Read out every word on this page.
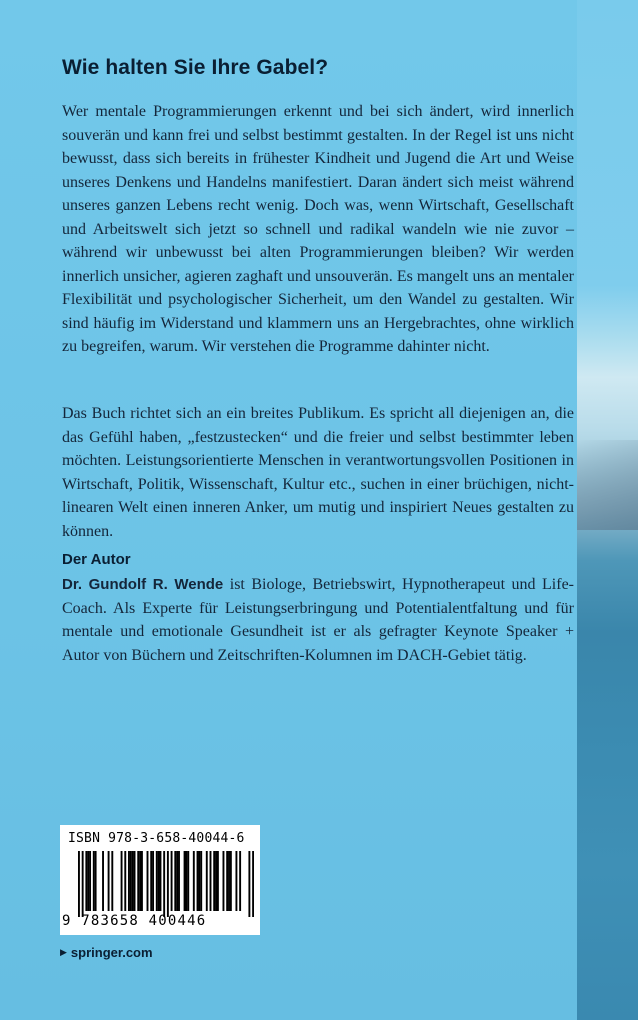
Wie halten Sie Ihre Gabel?

Wer mentale Programmierungen erkennt und bei sich ändert, wird innerlich souverän und kann frei und selbst bestimmt gestalten. In der Regel ist uns nicht bewusst, dass sich bereits in frühester Kindheit und Jugend die Art und Weise unseres Denkens und Handelns manifestiert. Daran ändert sich meist während unseres ganzen Lebens recht wenig. Doch was, wenn Wirtschaft, Gesellschaft und Arbeitswelt sich jetzt so schnell und radikal wandeln wie nie zuvor – während wir unbewusst bei alten Programmierungen bleiben? Wir werden innerlich unsicher, agieren zaghaft und unsouverän. Es mangelt uns an mentaler Flexibilität und psychologischer Sicherheit, um den Wandel zu gestalten. Wir sind häufig im Widerstand und klammern uns an Hergebrachtes, ohne wirklich zu begreifen, warum. Wir verstehen die Programme dahinter nicht.

Das Buch richtet sich an ein breites Publikum. Es spricht all diejenigen an, die das Gefühl haben, „festzustecken“ und die freier und selbst bestimmter leben möchten. Leistungsorientierte Menschen in verantwortungsvollen Positionen in Wirtschaft, Politik, Wissenschaft, Kultur etc., suchen in einer brüchigen, nicht-linearen Welt einen inneren Anker, um mutig und inspiriert Neues gestalten zu können.

Der Autor

Dr. Gundolf R. Wende ist Biologe, Betriebswirt, Hypnotherapeut und Life-Coach. Als Experte für Leistungserbringung und Potentialentfaltung und für mentale und emotionale Gesundheit ist er als gefragter Keynote Speaker + Autor von Büchern und Zeitschriften-Kolumnen im DACH-Gebiet tätig.

ISBN 978-3-658-40044-6
9 783658 400446
▶ springer.com
